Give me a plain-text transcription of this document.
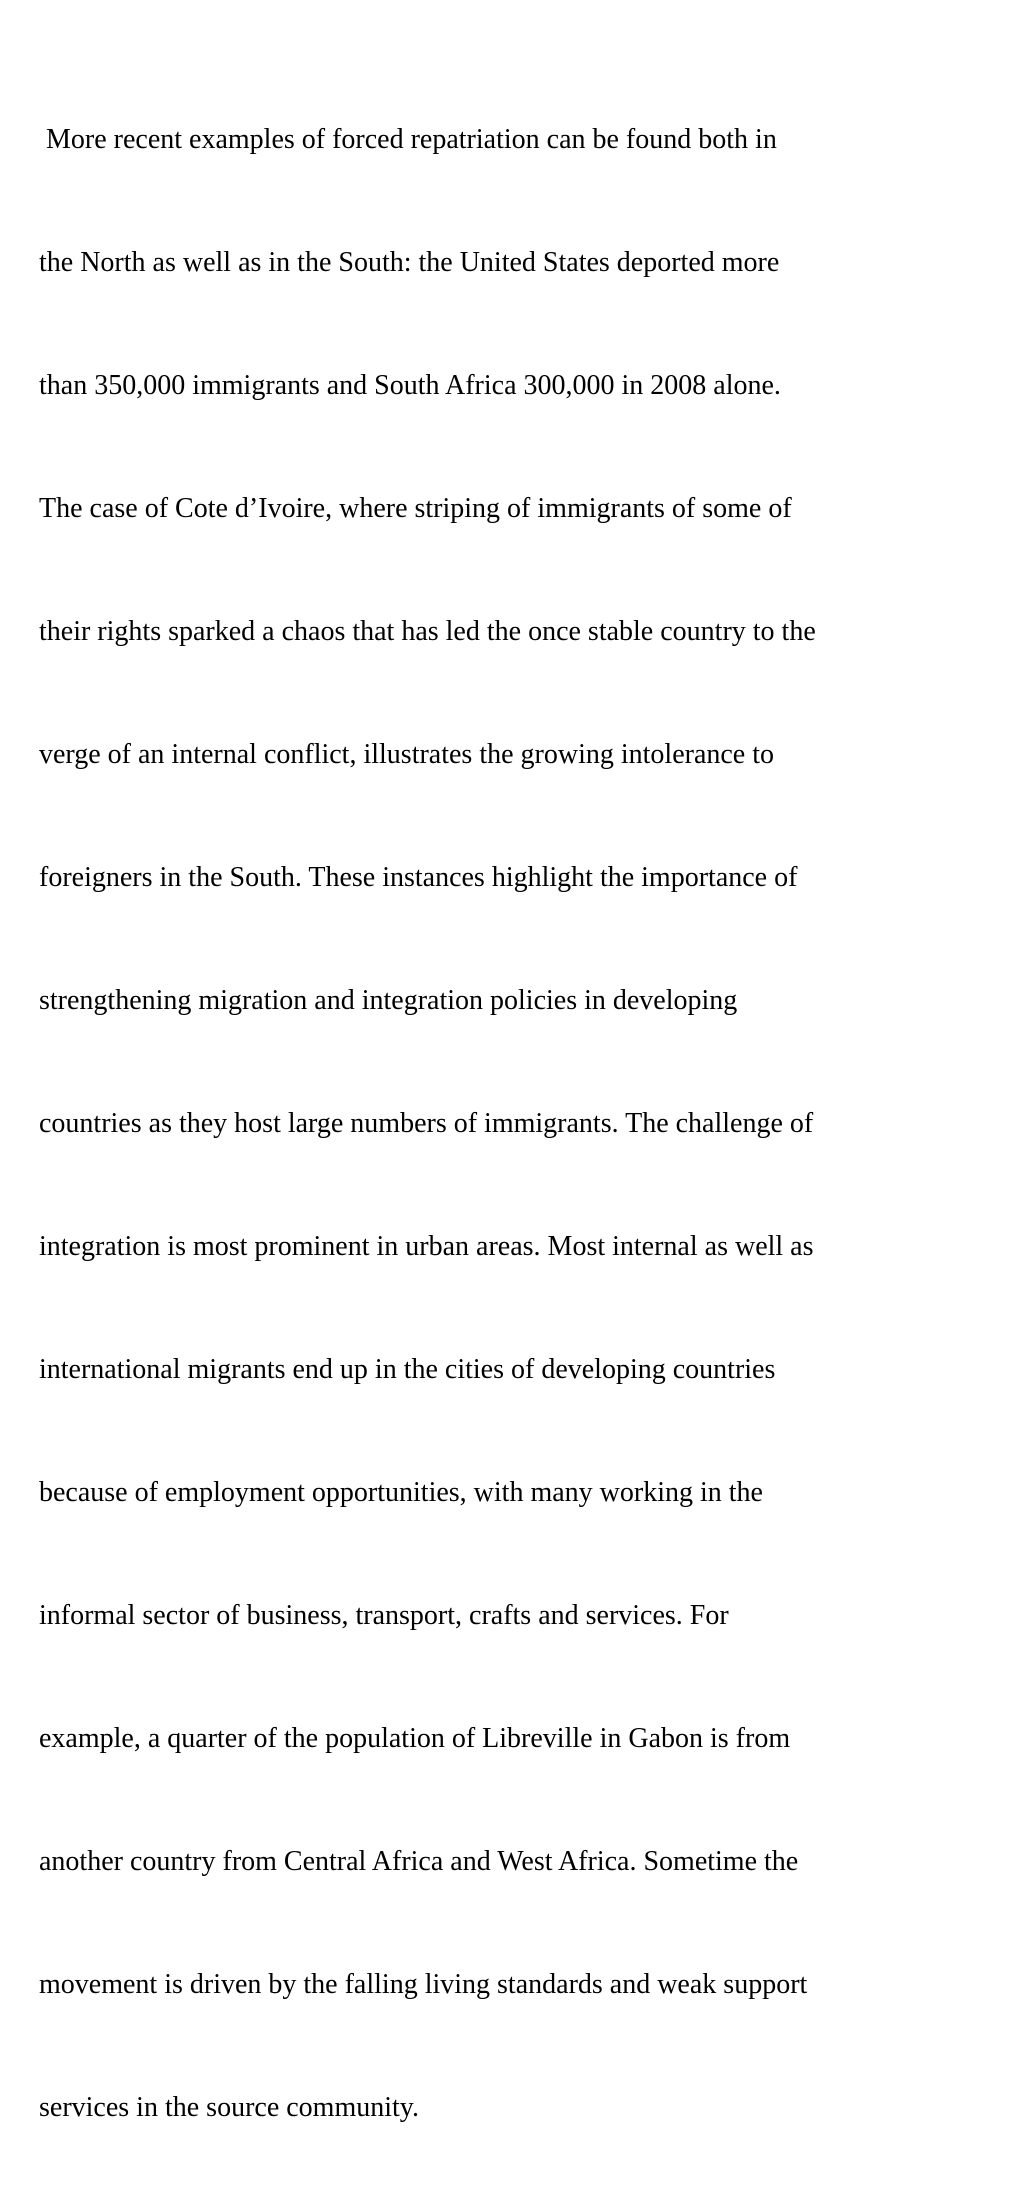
More recent examples of forced repatriation can be found both in

the North as well as in the South: the United States deported more

than 350,000 immigrants and South Africa 300,000 in 2008 alone.

The case of Cote d’Ivoire, where striping of immigrants of some of

their rights sparked a chaos that has led the once stable country to the

verge of an internal conflict, illustrates the growing intolerance to

foreigners in the South. These instances highlight the importance of

strengthening migration and integration policies in developing

countries as they host large numbers of immigrants. The challenge of

integration is most prominent in urban areas. Most internal as well as

international migrants end up in the cities of developing countries

because of employment opportunities, with many working in the

informal sector of business, transport, crafts and services. For

example, a quarter of the population of Libreville in Gabon is from

another country from Central Africa and West Africa. Sometime the

movement is driven by the falling living standards and weak support

services in the source community.
